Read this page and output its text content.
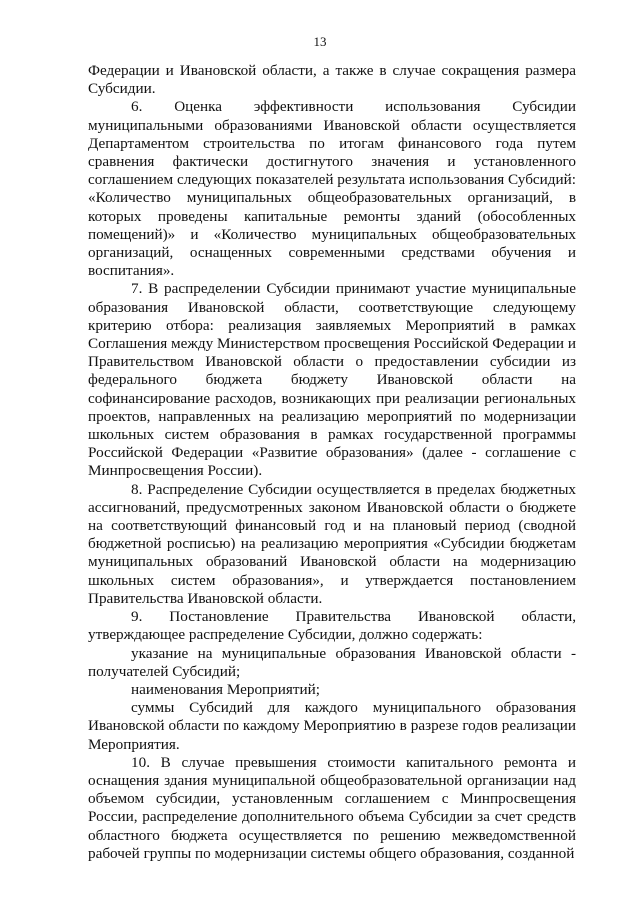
13

Федерации и Ивановской области, а также в случае сокращения размера Субсидии.

6. Оценка эффективности использования Субсидии муниципальными образованиями Ивановской области осуществляется Департаментом строительства по итогам финансового года путем сравнения фактически достигнутого значения и установленного соглашением следующих показателей результата использования Субсидий: «Количество муниципальных общеобразовательных организаций, в которых проведены капитальные ремонты зданий (обособленных помещений)» и «Количество муниципальных общеобразовательных организаций, оснащенных современными средствами обучения и воспитания».

7. В распределении Субсидии принимают участие муниципальные образования Ивановской области, соответствующие следующему критерию отбора: реализация заявляемых Мероприятий в рамках Соглашения между Министерством просвещения Российской Федерации и Правительством Ивановской области о предоставлении субсидии из федерального бюджета бюджету Ивановской области на софинансирование расходов, возникающих при реализации региональных проектов, направленных на реализацию мероприятий по модернизации школьных систем образования в рамках государственной программы Российской Федерации «Развитие образования» (далее - соглашение с Минпросвещения России).

8. Распределение Субсидии осуществляется в пределах бюджетных ассигнований, предусмотренных законом Ивановской области о бюджете на соответствующий финансовый год и на плановый период (сводной бюджетной росписью) на реализацию мероприятия «Субсидии бюджетам муниципальных образований Ивановской области на модернизацию школьных систем образования», и утверждается постановлением Правительства Ивановской области.

9. Постановление Правительства Ивановской области, утверждающее распределение Субсидии, должно содержать:

указание на муниципальные образования Ивановской области - получателей Субсидий;

наименования Мероприятий;

суммы Субсидий для каждого муниципального образования Ивановской области по каждому Мероприятию в разрезе годов реализации Мероприятия.

10. В случае превышения стоимости капитального ремонта и оснащения здания муниципальной общеобразовательной организации над объемом субсидии, установленным соглашением с Минпросвещения России, распределение дополнительного объема Субсидии за счет средств областного бюджета осуществляется по решению межведомственной рабочей группы по модернизации системы общего образования, созданной
